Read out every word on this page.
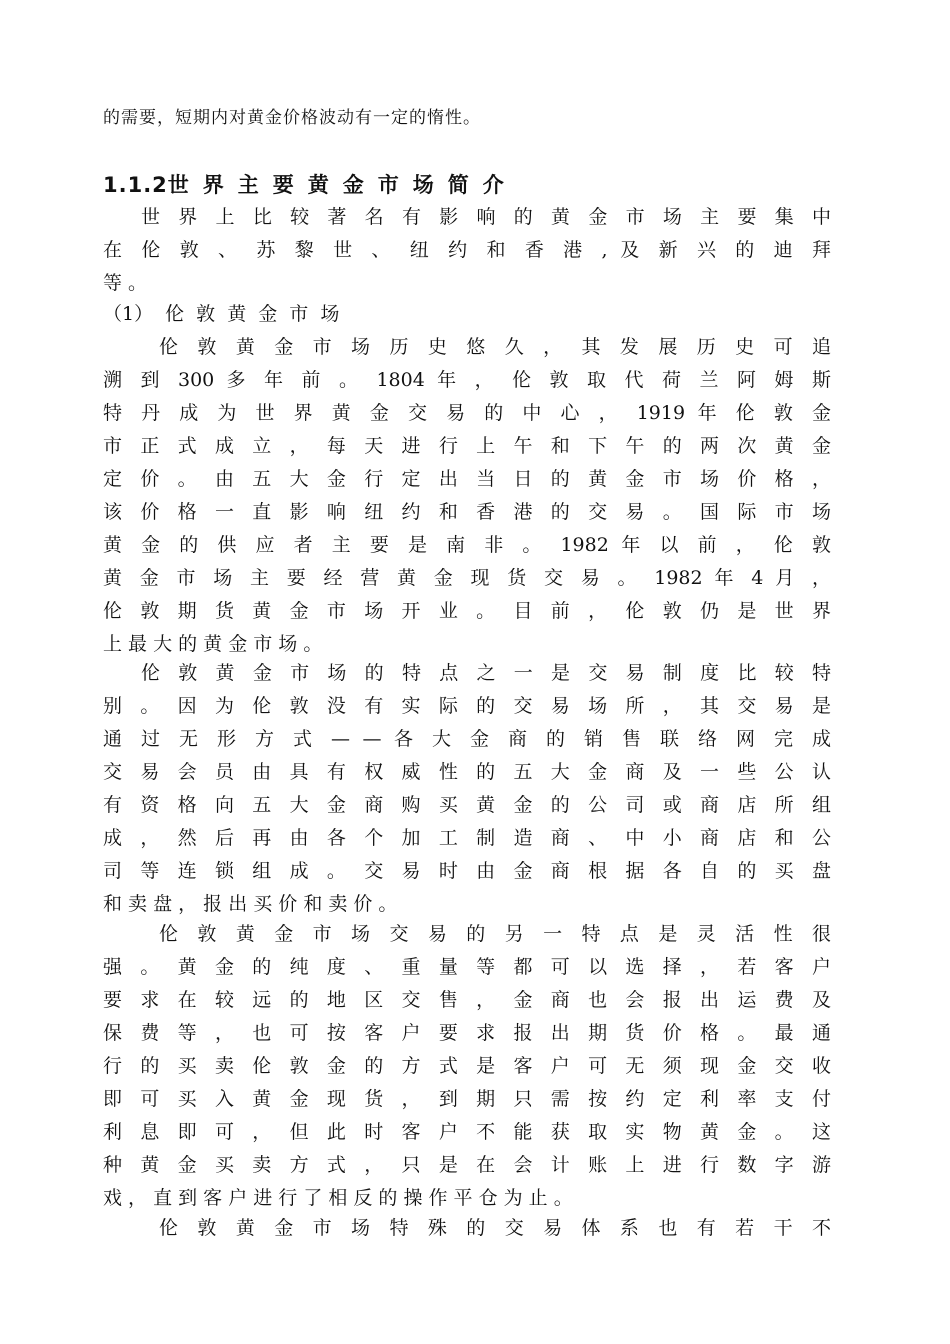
的需要，短期内对黄金价格波动有一定的惰性。
1.1.2世界主要黄金市场简介
世 界 上 比 较 著 名 有 影 响 的 黄 金 市 场 主 要 集 中
在 伦 敦 、 苏 黎 世 、 纽 约 和 香 港 , 及 新 兴 的 迪 拜
等 。
（1） 伦 敦 黄 金 市 场
伦 敦 黄 金 市 场 历 史 悠 久 ， 其 发 展 历 史 可 追
溯 到 300 多 年 前 。 1804 年 ， 伦 敦 取 代 荷 兰 阿 姆 斯
特 丹 成 为 世 界 黄 金 交 易 的 中 心 ， 1919 年 伦 敦 金
市 正 式 成 立 ， 每 天 进 行 上 午 和 下 午 的 两 次 黄 金
定 价 。 由 五 大 金 行 定 出 当 日 的 黄 金 市 场 价 格 ，
该 价 格 一 直 影 响 纽 约 和 香 港 的 交 易 。 国 际 市 场
黄 金 的 供 应 者 主 要 是 南 非 。 1982 年 以 前 ， 伦 敦
黄 金 市 场 主 要 经 营 黄 金 现 货 交 易 。 1982 年 4 月 ，
伦 敦 期 货 黄 金 市 场 开 业 。 目 前 ， 伦 敦 仍 是 世 界
上 最 大 的 黄 金 市 场 。
伦 敦 黄 金 市 场 的 特 点 之 一 是 交 易 制 度 比 较 特
别 。 因 为 伦 敦 没 有 实 际 的 交 易 场 所 ， 其 交 易 是
通 过 无 形 方 式 — — 各 大 金 商 的 销 售 联 络 网 完 成
交 易 会 员 由 具 有 权 威 性 的 五 大 金 商 及 一 些 公 认
有 资 格 向 五 大 金 商 购 买 黄 金 的 公 司 或 商 店 所 组
成 ， 然 后 再 由 各 个 加 工 制 造 商 、 中 小 商 店 和 公
司 等 连 锁 组 成 。 交 易 时 由 金 商 根 据 各 自 的 买 盘
和 卖 盘 ， 报 出 买 价 和 卖 价 。
伦 敦 黄 金 市 场 交 易 的 另 一 特 点 是 灵 活 性 很
强 。 黄 金 的 纯 度 、 重 量 等 都 可 以 选 择 ， 若 客 户
要 求 在 较 远 的 地 区 交 售 ， 金 商 也 会 报 出 运 费 及
保 费 等 ， 也 可 按 客 户 要 求 报 出 期 货 价 格 。 最 通
行 的 买 卖 伦 敦 金 的 方 式 是 客 户 可 无 须 现 金 交 收
即 可 买 入 黄 金 现 货 ， 到 期 只 需 按 约 定 利 率 支 付
利 息 即 可 ， 但 此 时 客 户 不 能 获 取 实 物 黄 金 。 这
种 黄 金 买 卖 方 式 ， 只 是 在 会 计 账 上 进 行 数 字 游
戏 ， 直 到 客 户 进 行 了 相 反 的 操 作 平 仓 为 止 。
伦 敦 黄 金 市 场 特 殊 的 交 易 体 系 也 有 若 干 不
